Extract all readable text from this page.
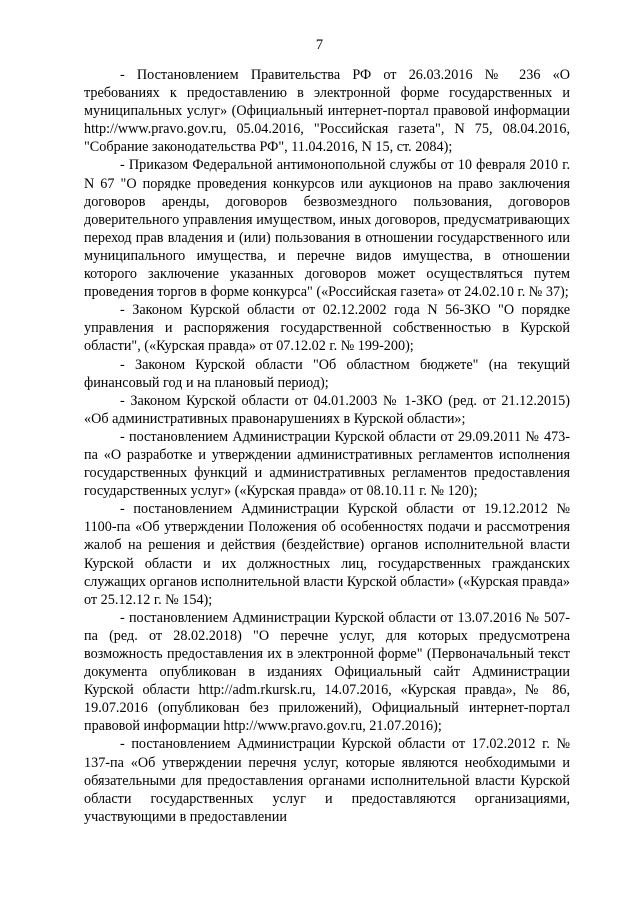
7

- Постановлением Правительства РФ от 26.03.2016 № 236 «О требованиях к предоставлению в электронной форме государственных и муниципальных услуг» (Официальный интернет-портал правовой информации http://www.pravo.gov.ru, 05.04.2016, "Российская газета", N 75, 08.04.2016, "Собрание законодательства РФ", 11.04.2016, N 15, ст. 2084);

- Приказом Федеральной антимонопольной службы от 10 февраля 2010 г. N 67 "О порядке проведения конкурсов или аукционов на право заключения договоров аренды, договоров безвозмездного пользования, договоров доверительного управления имуществом, иных договоров, предусматривающих переход прав владения и (или) пользования в отношении государственного или муниципального имущества, и перечне видов имущества, в отношении которого заключение указанных договоров может осуществляться путем проведения торгов в форме конкурса" («Российская газета» от 24.02.10 г. № 37);

- Законом Курской области от 02.12.2002 года N 56-ЗКО "О порядке управления и распоряжения государственной собственностью в Курской области", («Курская правда» от 07.12.02 г. № 199-200);

- Законом Курской области "Об областном бюджете" (на текущий финансовый год и на плановый период);

- Законом Курской области от 04.01.2003 № 1-ЗКО (ред. от 21.12.2015) «Об административных правонарушениях в Курской области»;

- постановлением Администрации Курской области от 29.09.2011 № 473-па «О разработке и утверждении административных регламентов исполнения государственных функций и административных регламентов предоставления государственных услуг» («Курская правда» от 08.10.11 г. № 120);

- постановлением Администрации Курской области от 19.12.2012 № 1100-па «Об утверждении Положения об особенностях подачи и рассмотрения жалоб на решения и действия (бездействие) органов исполнительной власти Курской области и их должностных лиц, государственных гражданских служащих органов исполнительной власти Курской области» («Курская правда» от 25.12.12 г. № 154);

- постановлением Администрации Курской области от 13.07.2016 № 507-па (ред. от 28.02.2018) "О перечне услуг, для которых предусмотрена возможность предоставления их в электронной форме" (Первоначальный текст документа опубликован в изданиях Официальный сайт Администрации Курской области http://adm.rkursk.ru, 14.07.2016, «Курская правда», № 86, 19.07.2016 (опубликован без приложений), Официальный интернет-портал правовой информации http://www.pravo.gov.ru, 21.07.2016);

- постановлением Администрации Курской области от 17.02.2012 г. № 137-па «Об утверждении перечня услуг, которые являются необходимыми и обязательными для предоставления органами исполнительной власти Курской области государственных услуг и предоставляются организациями, участвующими в предоставлении
